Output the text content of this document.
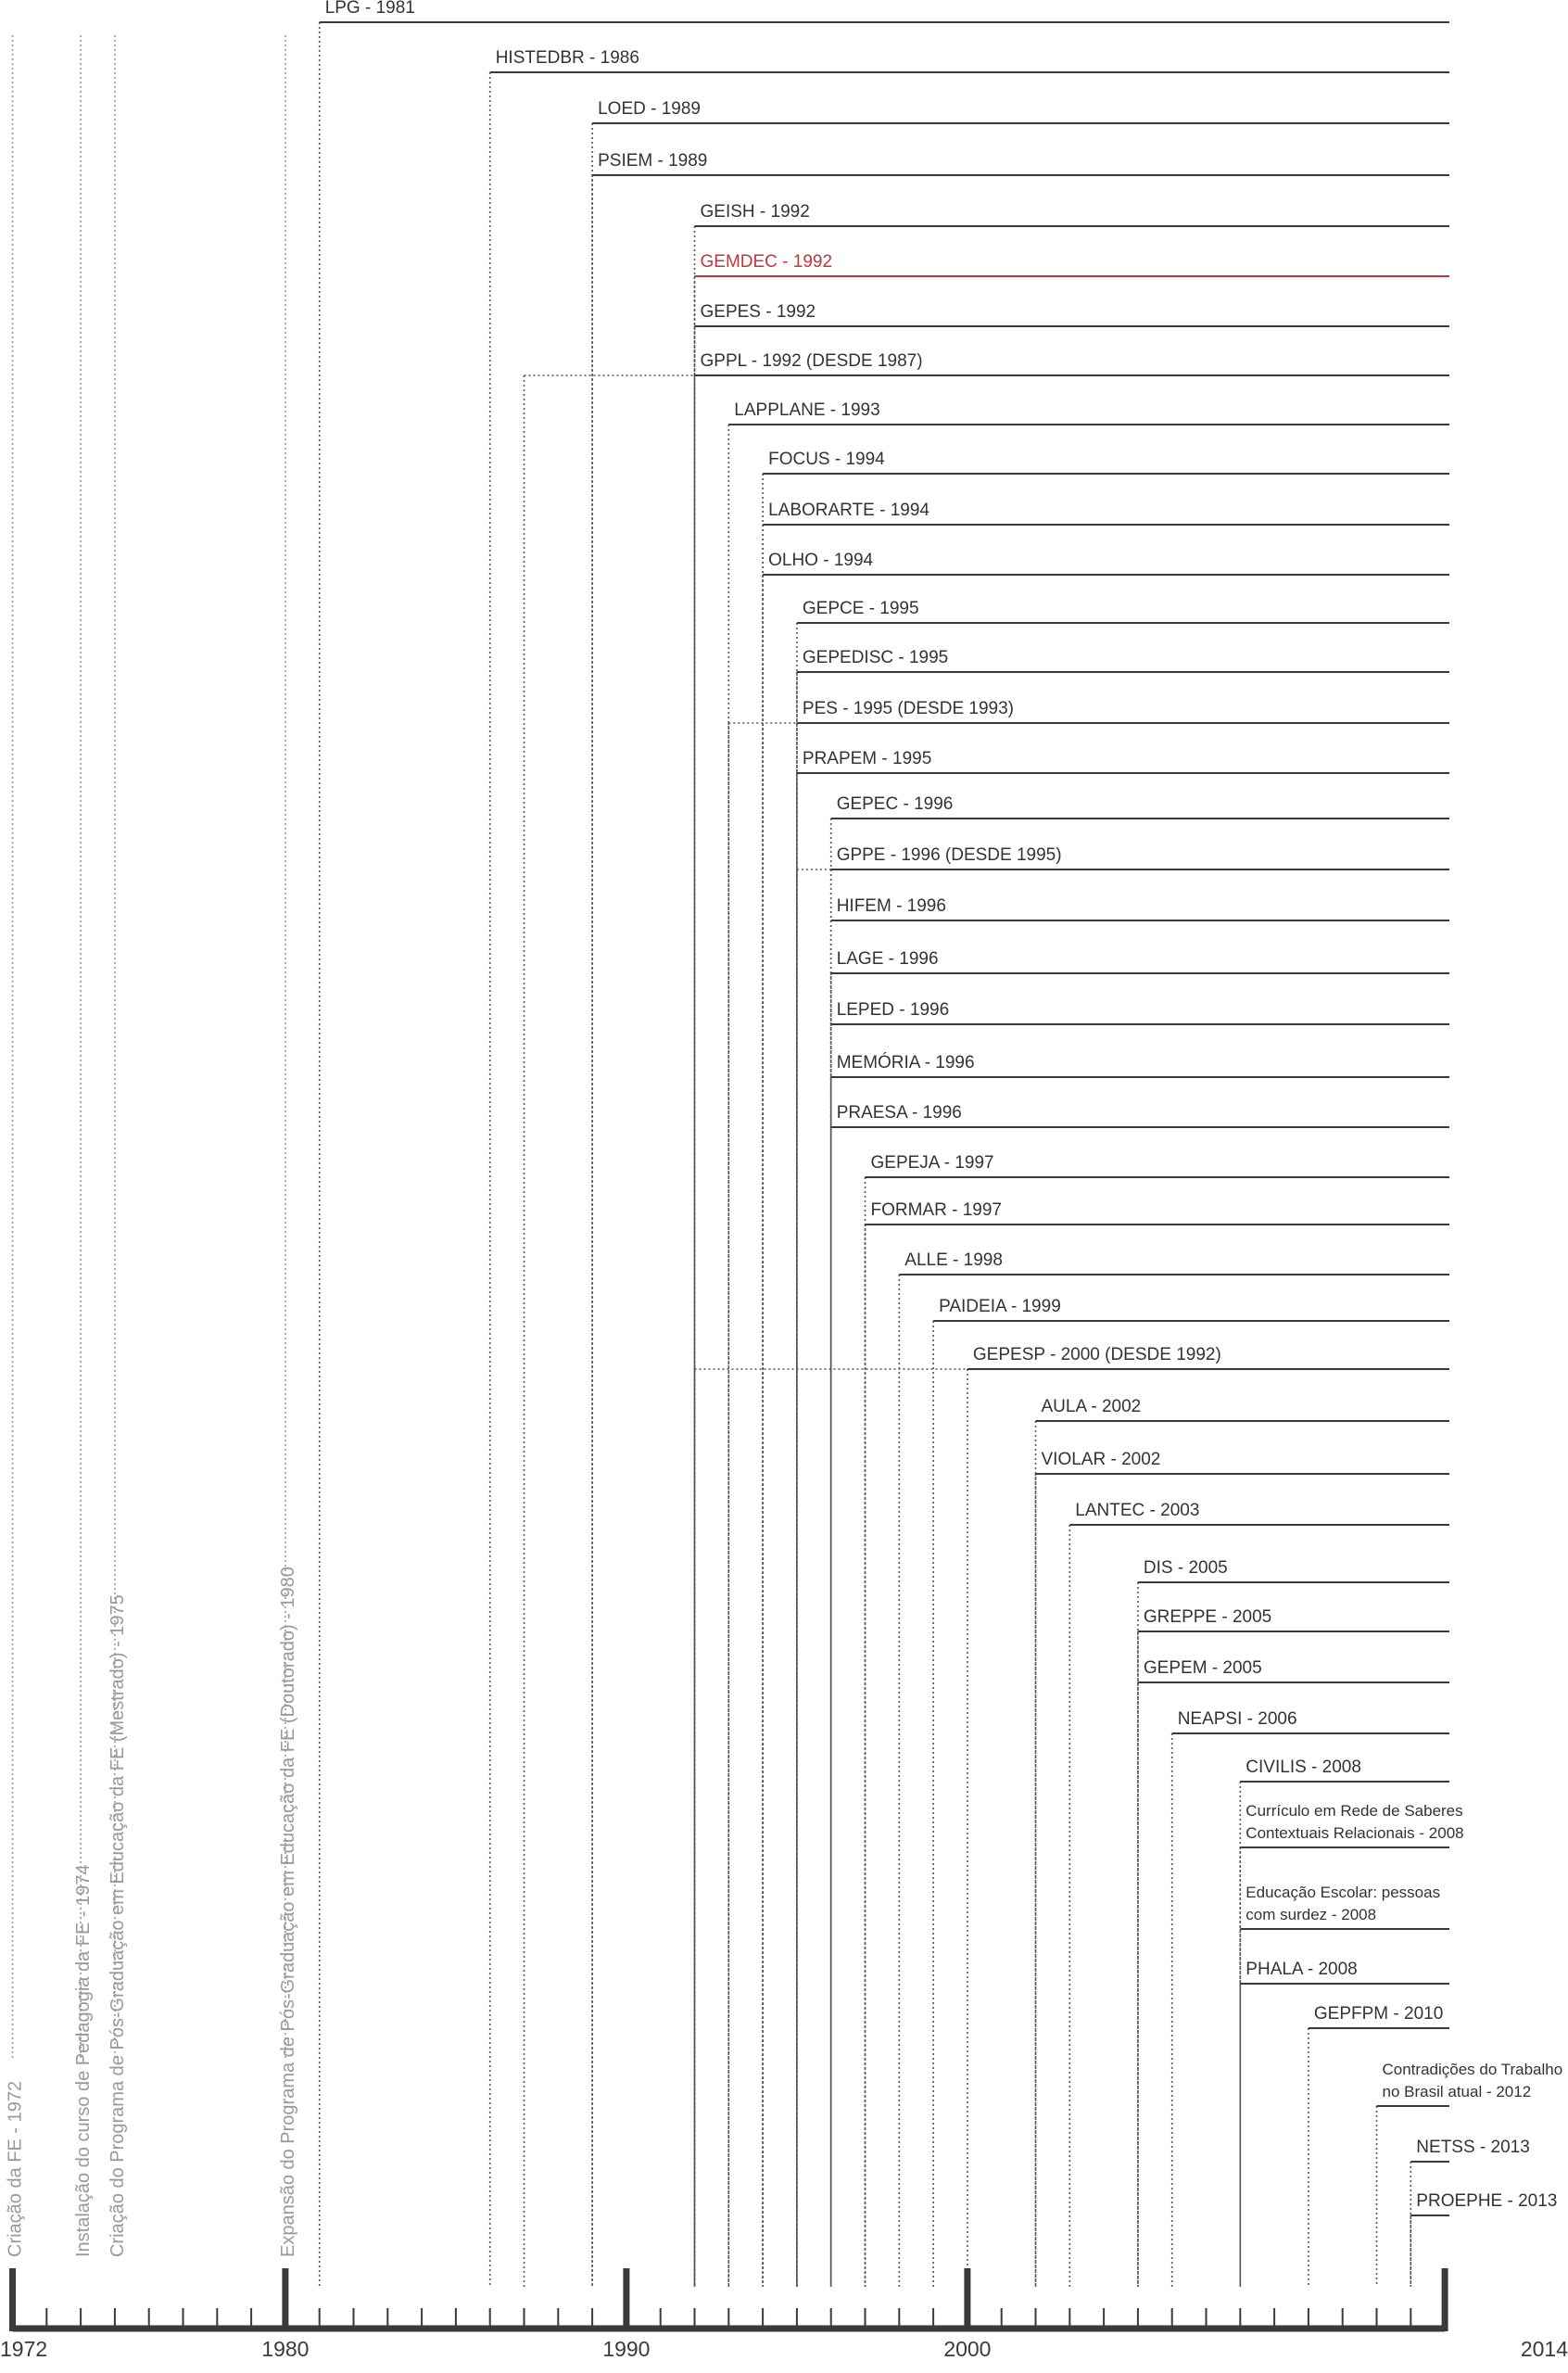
Criação da FE - 1972	Instalação do curso de Pedagogia da FE - 1974 Criação do Programa de Pós-Graduação em Educação da FE (Mestrado) - 1975	Expansão do Programa de Pós-Graduação em Educação da FE (Doutorado) - 1980
LPG - 1981
HISTEDBR - 1986
LOED - 1989
PSIEM - 1989
GEISH - 1992
GEMDEC - 1992
GEPES - 1992
GPPL - 1992 (DESDE 1987)
LAPPLANE - 1993
FOCUS - 1994
LABORARTE - 1994
OLHO - 1994
GEPCE - 1995
GEPEDISC - 1995
PES - 1995 (DESDE 1993)
PRAPEM - 1995
GEPEC - 1996
GPPE - 1996 (DESDE 1995)
HIFEM - 1996
LAGE - 1996
LEPED - 1996
MEMÓRIA - 1996
PRAESA - 1996
GEPEJA - 1997
FORMAR - 1997
ALLE - 1998
PAIDEIA - 1999
GEPESP - 2000 (DESDE 1992)
AULA - 2002
VIOLAR - 2002
LANTEC - 2003
DIS - 2005
GREPPE - 2005
GEPEM - 2005
NEAPSI - 2006
CIVILIS - 2008
Currículo em Rede de Saberes
Contextuais Relacionais - 2008
Educação Escolar: pessoas
com surdez - 2008
PHALA - 2008
GEPFPM - 2010
Contradições do Trabalho
no Brasil atual - 2012
NETSS - 2013
PROEPHE - 2013
1972	1980	1990	2000	2014
